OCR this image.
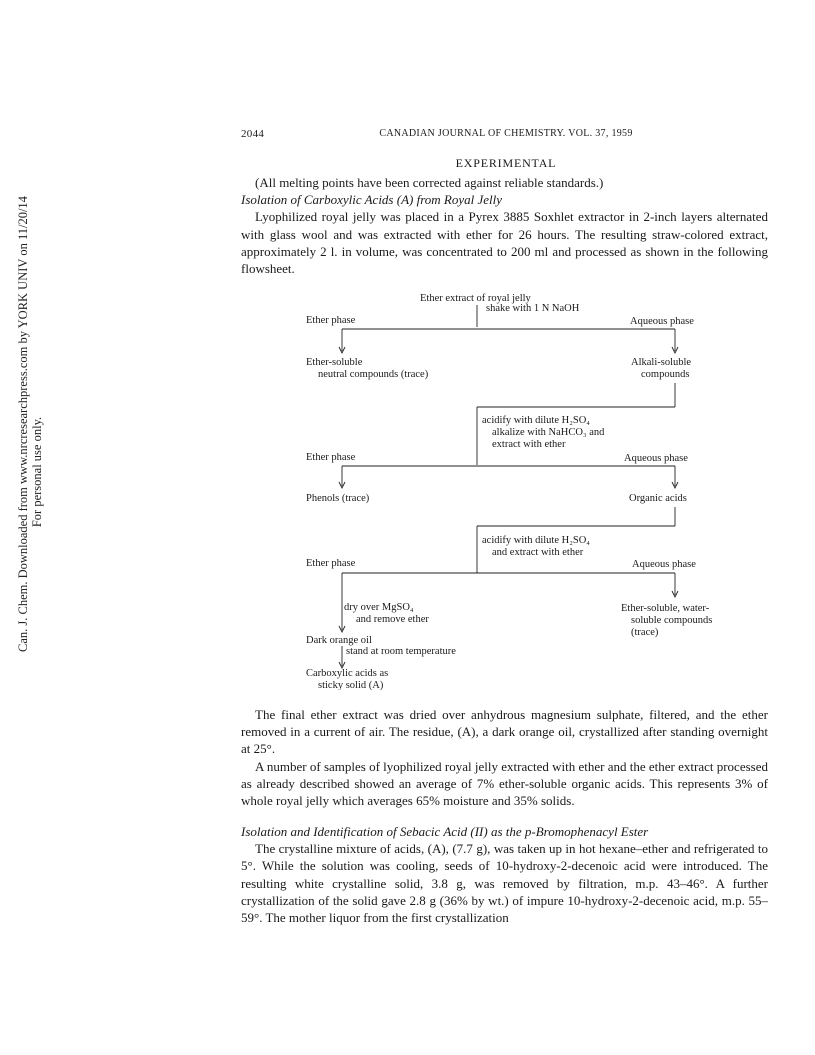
Can. J. Chem. Downloaded from www.nrcresearchpress.com by YORK UNIV on 11/20/14 For personal use only.
2044	CANADIAN JOURNAL OF CHEMISTRY. VOL. 37, 1959
EXPERIMENTAL

(All melting points have been corrected against reliable standards.)

Isolation of Carboxylic Acids (A) from Royal Jelly

Lyophilized royal jelly was placed in a Pyrex 3885 Soxhlet extractor in 2-inch layers alternated with glass wool and was extracted with ether for 26 hours. The resulting straw-colored extract, approximately 2 l. in volume, was concentrated to 200 ml and processed as shown in the following flowsheet.

Ether extract of royal jelly
shake with 1 N NaOH
Ether phase	Aqueous phase
Ether-soluble
neutral compounds (trace)
Alkali-soluble
compounds
acidify with dilute H₂SO₄
alkalize with NaHCO₃ and
extract with ether
Ether phase	Aqueous phase
Phenols (trace)	Organic acids
acidify with dilute H₂SO₄
and extract with ether
Ether phase	Aqueous phase
dry over MgSO₄
and remove ether
Ether-soluble, water-
soluble compounds
(trace)
Dark orange oil
stand at room temperature
Carboxylic acids as
sticky solid (A)

The final ether extract was dried over anhydrous magnesium sulphate, filtered, and the ether removed in a current of air. The residue, (A), a dark orange oil, crystallized after standing overnight at 25°.

A number of samples of lyophilized royal jelly extracted with ether and the ether extract processed as already described showed an average of 7% ether-soluble organic acids. This represents 3% of whole royal jelly which averages 65% moisture and 35% solids.

Isolation and Identification of Sebacic Acid (II) as the p-Bromophenacyl Ester

The crystalline mixture of acids, (A), (7.7 g), was taken up in hot hexane–ether and refrigerated to 5°. While the solution was cooling, seeds of 10-hydroxy-2-decenoic acid were introduced. The resulting white crystalline solid, 3.8 g, was removed by filtration, m.p. 43–46°. A further crystallization of the solid gave 2.8 g (36% by wt.) of impure 10-hydroxy-2-decenoic acid, m.p. 55–59°. The mother liquor from the first crystallization
